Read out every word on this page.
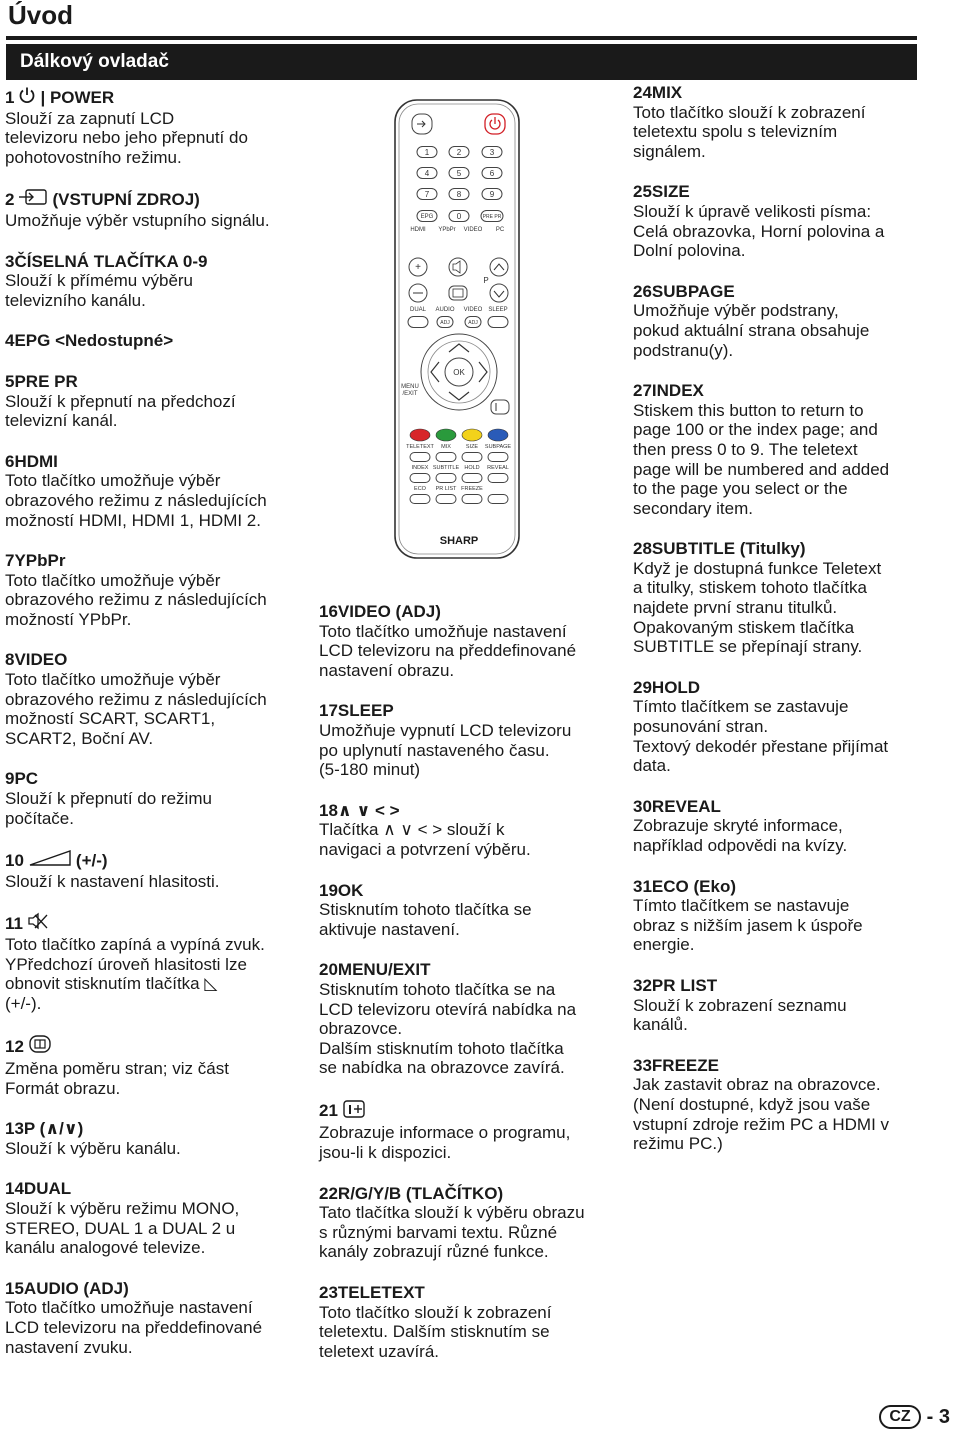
Úvod
Dálkový ovladač
1 | POWER
Slouží za zapnutí LCD
televizoru nebo jeho přepnutí do
pohotovostního režimu.
2 (VSTUPNÍ ZDROJ)
Umožňuje výběr vstupního signálu.
3 ČÍSELNÁ TLAČÍTKA 0-9
Slouží k přímému výběru
televizního kanálu.
4 EPG <Nedostupné>
5 PRE PR
Slouží k přepnutí na předchozí
televizní kanál.
6 HDMI
Toto tlačítko umožňuje výběr
obrazového režimu z následujících
možností HDMI, HDMI 1, HDMI 2.
7 YPbPr
Toto tlačítko umožňuje výběr
obrazového režimu z následujících
možností YPbPr.
8 VIDEO
Toto tlačítko umožňuje výběr
obrazového režimu z následujících
možností SCART, SCART1,
SCART2, Boční AV.
9 PC
Slouží k přepnutí do režimu
počítače.
10	(+/-)
Slouží k nastavení hlasitosti.
11
Toto tlačítko zapíná a vypíná zvuk.
YPředchozí úroveň hlasitosti lze
obnovit stisknutím tlačítka ◺
(+/-).
12
Změna poměru stran; viz část
Formát obrazu.
13 P (∧/∨)
Slouží k výběru kanálu.
14 DUAL
Slouží k výběru režimu MONO,
STEREO, DUAL 1 a DUAL 2 u
kanálu analogové televize.
15 AUDIO (ADJ)
Toto tlačítko umožňuje nastavení
LCD televizoru na předdefinované
nastavení zvuku.
16 VIDEO (ADJ)
Toto tlačítko umožňuje nastavení
LCD televizoru na předdefinované
nastavení obrazu.
17 SLEEP
Umožňuje vypnutí LCD televizoru
po uplynutí nastaveného času.
(5-180 minut)
18 ∧ ∨ < >
Tlačítka ∧ ∨ < > slouží k
navigaci a potvrzení výběru.
19 OK
Stisknutím tohoto tlačítka se
aktivuje nastavení.
20 MENU/EXIT
Stisknutím tohoto tlačítka se na
LCD televizoru otevírá nabídka na
obrazovce.
Dalším stisknutím tohoto tlačítka
se nabídka na obrazovce zavírá.
21
Zobrazuje informace o programu,
jsou-li k dispozici.
22 R/G/Y/B (TLAČÍTKO)
Tato tlačítka slouží k výběru obrazu
s různými barvami textu. Různé
kanály zobrazují různé funkce.
23 TELETEXT
Toto tlačítko slouží k zobrazení
teletextu. Dalším stisknutím se
teletext uzavírá.
24 MIX
Toto tlačítko slouží k zobrazení
teletextu spolu s televizním
signálem.
25 SIZE
Slouží k úpravě velikosti písma:
Celá obrazovka, Horní polovina a
Dolní polovina.
26 SUBPAGE
Umožňuje výběr podstrany,
pokud aktuální strana obsahuje
podstranu(y).
27 INDEX
Stiskem this button to return to
page 100 or the index page; and
then press 0 to 9. The teletext
page will be numbered and added
to the page you select or the
secondary item.
28 SUBTITLE (Titulky)
Když je dostupná funkce Teletext
a titulky, stiskem tohoto tlačítka
najdete první stranu titulků.
Opakovaným stiskem tlačítka
SUBTITLE se přepínají strany.
29 HOLD
Tímto tlačítkem se zastavuje
posunování stran.
Textový dekodér přestane přijímat
data.
30 REVEAL
Zobrazuje skryté informace,
například odpovědi na kvízy.
31 ECO (Eko)
Tímto tlačítkem se nastavuje
obraz s nižším jasem k úspoře
energie.
32 PR LIST
Slouží k zobrazení seznamu
kanálů.
33 FREEZE
Jak zastavit obraz na obrazovce.
(Není dostupné, když jsou vaše
vstupní zdroje režim PC a HDMI v
režimu PC.)
1	2	3
4	5	6
7	8	9
EPG	0	PRE PR
HDMI YPbPr VIDEO PC
+
P
DUAL AUDIO VIDEO SLEEP
ADJ	ADJ
OK
MENU
/EXIT
TELETEXT MIX	SIZE SUBPAGE
INDEX SUBTITLE HOLD REVEAL
ECO PR LIST FREEZE
SHARP
CZ - 3
